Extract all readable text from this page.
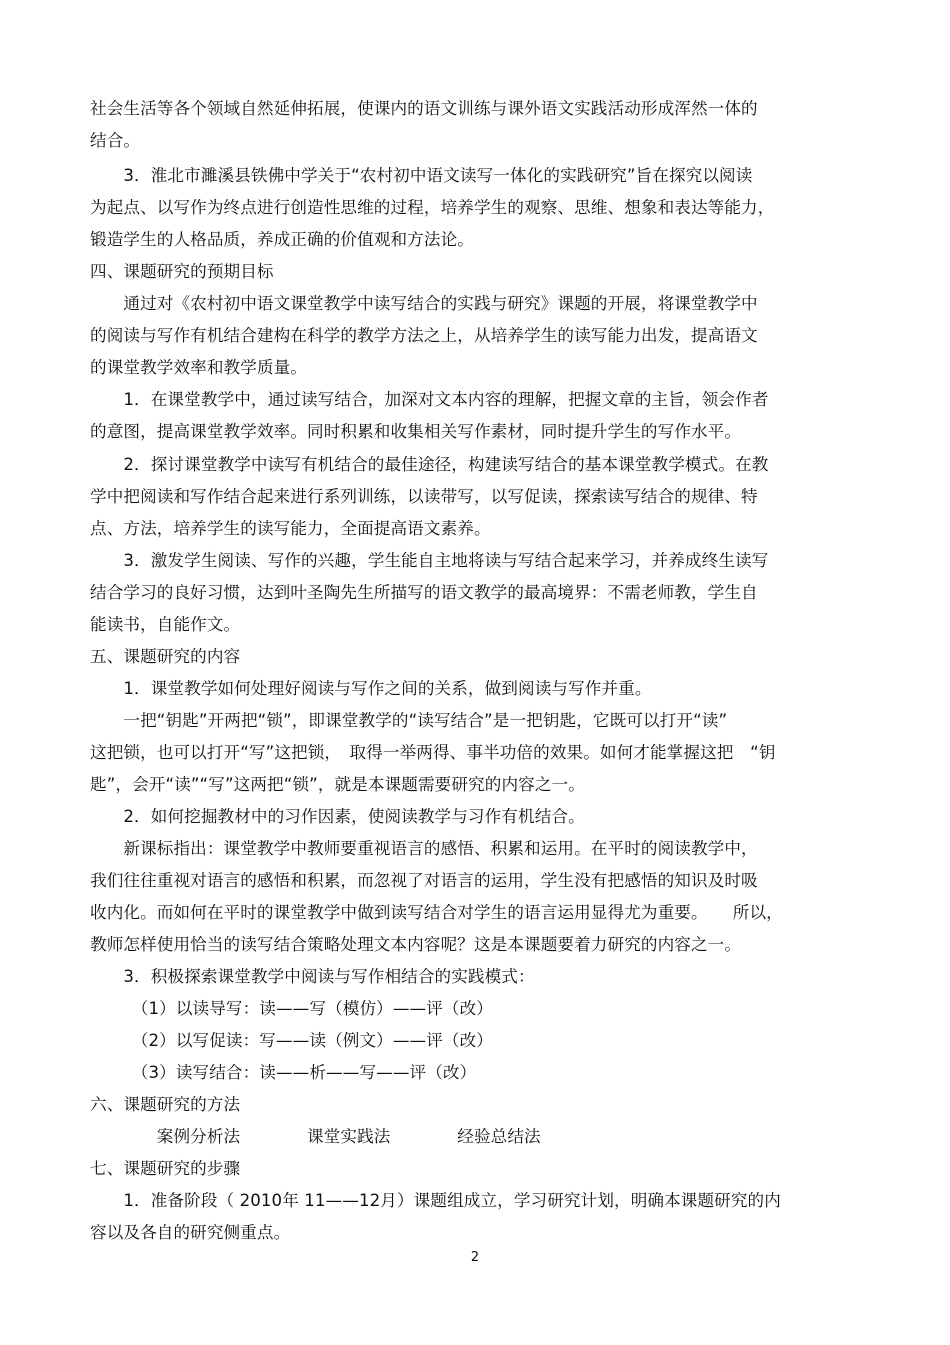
社会生活等各个领域自然延伸拓展，使课内的语文训练与课外语文实践活动形成浑然一体的
结合。
　　3．淮北市濉溪县铁佛中学关于“农村初中语文读写一体化的实践研究”旨在探究以阅读
为起点、以写作为终点进行创造性思维的过程，培养学生的观察、思维、想象和表达等能力，
锻造学生的人格品质，养成正确的价值观和方法论。
四、课题研究的预期目标
　　通过对《农村初中语文课堂教学中读写结合的实践与研究》课题的开展，将课堂教学中
的阅读与写作有机结合建构在科学的教学方法之上，从培养学生的读写能力出发，提高语文
的课堂教学效率和教学质量。
　　1．在课堂教学中，通过读写结合，加深对文本内容的理解，把握文章的主旨，领会作者
的意图，提高课堂教学效率。同时积累和收集相关写作素材，同时提升学生的写作水平。
　　2．探讨课堂教学中读写有机结合的最佳途径，构建读写结合的基本课堂教学模式。在教
学中把阅读和写作结合起来进行系列训练，以读带写，以写促读，探索读写结合的规律、特
点、方法，培养学生的读写能力，全面提高语文素养。
　　3．激发学生阅读、写作的兴趣，学生能自主地将读与写结合起来学习，并养成终生读写
结合学习的良好习惯，达到叶圣陶先生所描写的语文教学的最高境界：不需老师教，学生自
能读书，自能作文。
五、课题研究的内容
　　1．课堂教学如何处理好阅读与写作之间的关系，做到阅读与写作并重。
　　一把“钥匙”开两把“锁”，即课堂教学的“读写结合”是一把钥匙，它既可以打开“读”
这把锁，也可以打开“写”这把锁，　取得一举两得、事半功倍的效果。如何才能掌握这把　“钥
匙”，会开“读”“写”这两把“锁”，就是本课题需要研究的内容之一。
　　2．如何挖掘教材中的习作因素，使阅读教学与习作有机结合。
　　新课标指出：课堂教学中教师要重视语言的感悟、积累和运用。在平时的阅读教学中，
我们往往重视对语言的感悟和积累，而忽视了对语言的运用，学生没有把感悟的知识及时吸
收内化。而如何在平时的课堂教学中做到读写结合对学生的语言运用显得尤为重要。　　所以，
教师怎样使用恰当的读写结合策略处理文本内容呢？这是本课题要着力研究的内容之一。
　　3．积极探索课堂教学中阅读与写作相结合的实践模式：
　　　（1）以读导写：读——写（模仿）——评（改）
　　　（2）以写促读：写——读（例文）——评（改）
　　　（3）读写结合：读——析——写——评（改）
六、课题研究的方法
　　　　案例分析法　　　　课堂实践法　　　　经验总结法
七、课题研究的步骤
　　1．准备阶段（ 2010年 11——12月）课题组成立，学习研究计划，明确本课题研究的内
容以及各自的研究侧重点。
2
